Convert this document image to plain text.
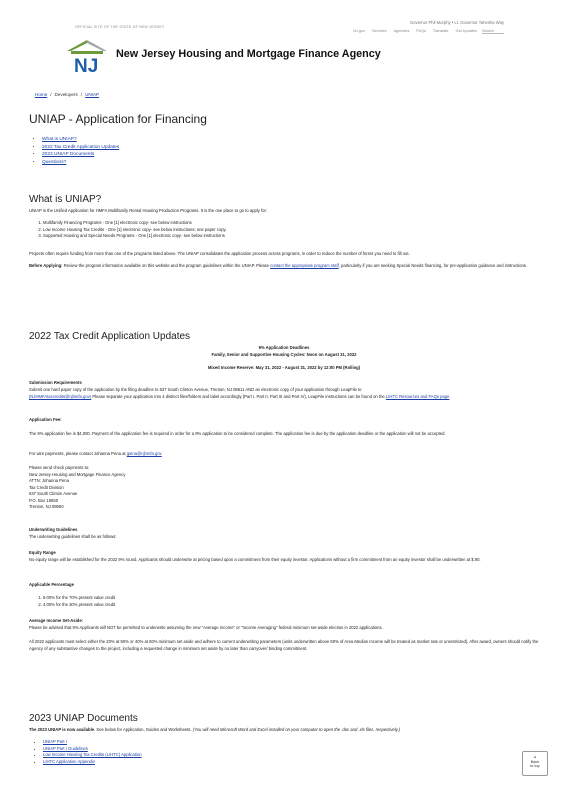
OFFICIAL SITE OF THE STATE OF NEW JERSEY
Governor Phil Murphy • Lt. Governor Tahesha Way
NJ.gov Services Agencies FAQs Translate Get Updates Search
NJ
New Jersey Housing and Mortgage Finance Agency
Home / Developers / UNIAP
UNIAP - Application for Financing
• What is UNIAP?
• 2022 Tax Credit Application Updates
• 2023 UNIAP Documents
• Questions?
What is UNIAP?

UNIAP is the Unified Application for HMFA Multifamily Rental Housing Production Programs. It is the one place to go to apply for:

1. Multifamily Financing Programs - One [1] electronic copy- see below instructions
2. Low Income Housing Tax Credits - One [1] electronic copy- see below instructions; one paper copy.
3. Supported Housing and Special Needs Programs - One [1] electronic copy- see below instructions

Projects often require funding from more than one of the programs listed above. The UNIAP consolidates the application process across programs, in order to reduce the number of forms you need to fill out.

Before Applying: Review the program information available on this website and the program guidelines within the UNIAP. Please contact the appropriate program staff, particularly if you are seeking Special Needs financing, for pre-application guidance and instructions.

2022 Tax Credit Application Updates

9% Application Deadlines

Family, Senior and Supportive Housing Cycles: Noon on August 31, 2022

Mixed Income Reserve: May 31, 2022 - August 31, 2022 by 12:00 PM (Rolling)

Submission Requirements

Submit one hard paper copy of the application by the filing deadline to 637 South Clinton Avenue, Trenton, NJ 08611 AND an electronic copy of your application through LeapFile to
(NJHMFAtaxcredits@njhmfa.gov) Please separate your application into 4 distinct files/folders and label accordingly (Part I, Part II, Part III and Part IV), LeapFile instructions can be found on the LIHTC Resources and FAQs page

Application Fee:

The 9% application fee is $4,000. Payment of the application fee is required in order for a 9% application to be considered complete. The application fee is due by the application deadline or the application will not be accepted.

For wire payments, please contact Johanna Pena at jpena@njhmfa.gov

Please send check payments to:
New Jersey Housing and Mortgage Finance Agency
ATTN: Johanna Pena
Tax Credit Division
637 South Clinton Avenue
P.O. Box 18550
Trenton, NJ 08650

Underwriting Guidelines

The underwriting guidelines shall be as follows:

Equity Range

No equity range will be established for the 2022 9% round. Applicants should underwrite at pricing based upon a commitment from their equity investor. Applications without a firm commitment from an equity investor shall be underwritten at $.90.

Applicable Percentage

1. 9.00% for the 70% present value credit
2. 4.00% for the 30% present value credit

Average Income Set-Aside:

Please be advised that 9% Applicants will NOT be permitted to underwrite assuming the new "Average Income" or "Income Averaging" federal minimum set-aside election in 2022 applications.

All 2022 applicants must select either the 20% at 50% or 40% at 60% minimum set aside and adhere to current underwriting parameters (units underwritten above 60% of Area Median Income will be treated as market rate or unrestricted). After award, owners should notify the Agency of any substantive changes to the project, including a requested change in minimum set aside by no later than carryover/ binding commitment.

2023 UNIAP Documents

The 2023 UNIAP is now available. See below for Application, Guides and Worksheets. (You will need Microsoft Word and Excel installed on your computer to open the .doc and .xls files, respectively.)

• UNIAP Part I
• UNIAP Part I Guidelines
• Low Income Housing Tax Credits (LIHTC) Application
• LIHTC Application Appendix
▵
Back
to top
